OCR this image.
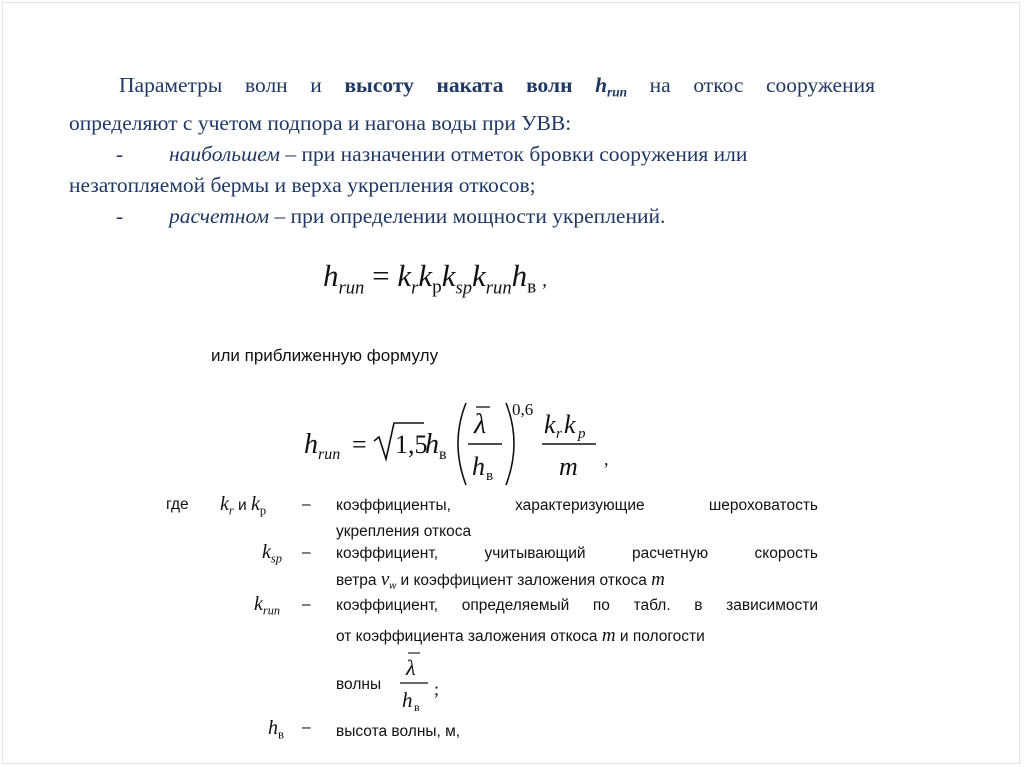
Параметры волн и высоту наката волн $h_{run}$ на откос сооружения
определяют с учетом подпора и нагона воды при УВВ:
- наибольшем – при назначении отметок бровки сооружения или
незатопляемой бермы и верха укрепления откосов;
- расчетном – при определении мощности укреплений.
$h_{run} = k_rk_рk_{sp}k_{run}h_в$ ,
или приближенную формулу
h run = 1,5
h в
λ
h в
0,6
k r k p
m ,
где $k_r$ и $k_р$ – коэффициенты, характеризующие шероховатость
укрепления откоса
$k_{sp}$ – коэффициент, учитывающий расчетную скорость
ветра $v_w$ и коэффициент заложения откоса m
$k_{run}$ – коэффициент, определяемый по табл. в зависимости
от коэффициента заложения откоса m и пологости
волны
λ
h в
;
$h_в$ – высота волны, м,
